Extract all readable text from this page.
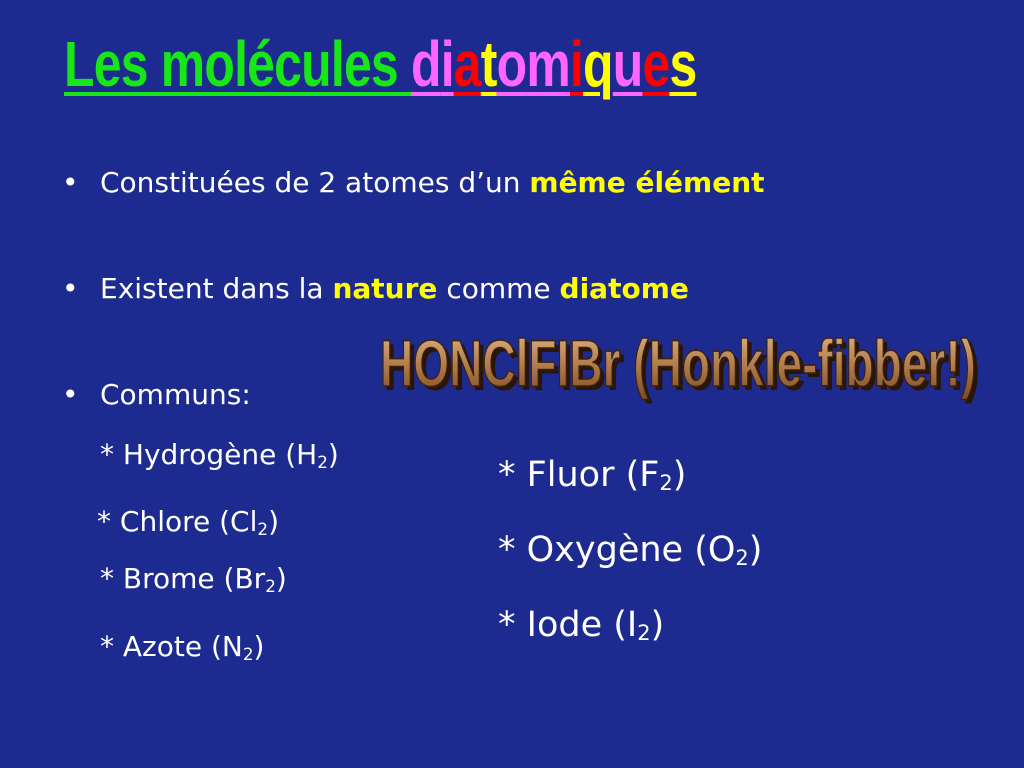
Les molécules diatomiques
• Constituées de 2 atomes d’un même élément
• Existent dans la nature comme diatome
HONClFIBr (Honkle-fibber!)
HONClFIBr (Honkle-fibber!)
• Communs:
* Hydrogène $(H_2)$
* Chlore $(Cl_2)$
* Brome $(Br_2)$
* Azote $(N_2)$
* Fluor $(F_2)$
* Oxygène $(O_2)$
* Iode $(I_2)$
